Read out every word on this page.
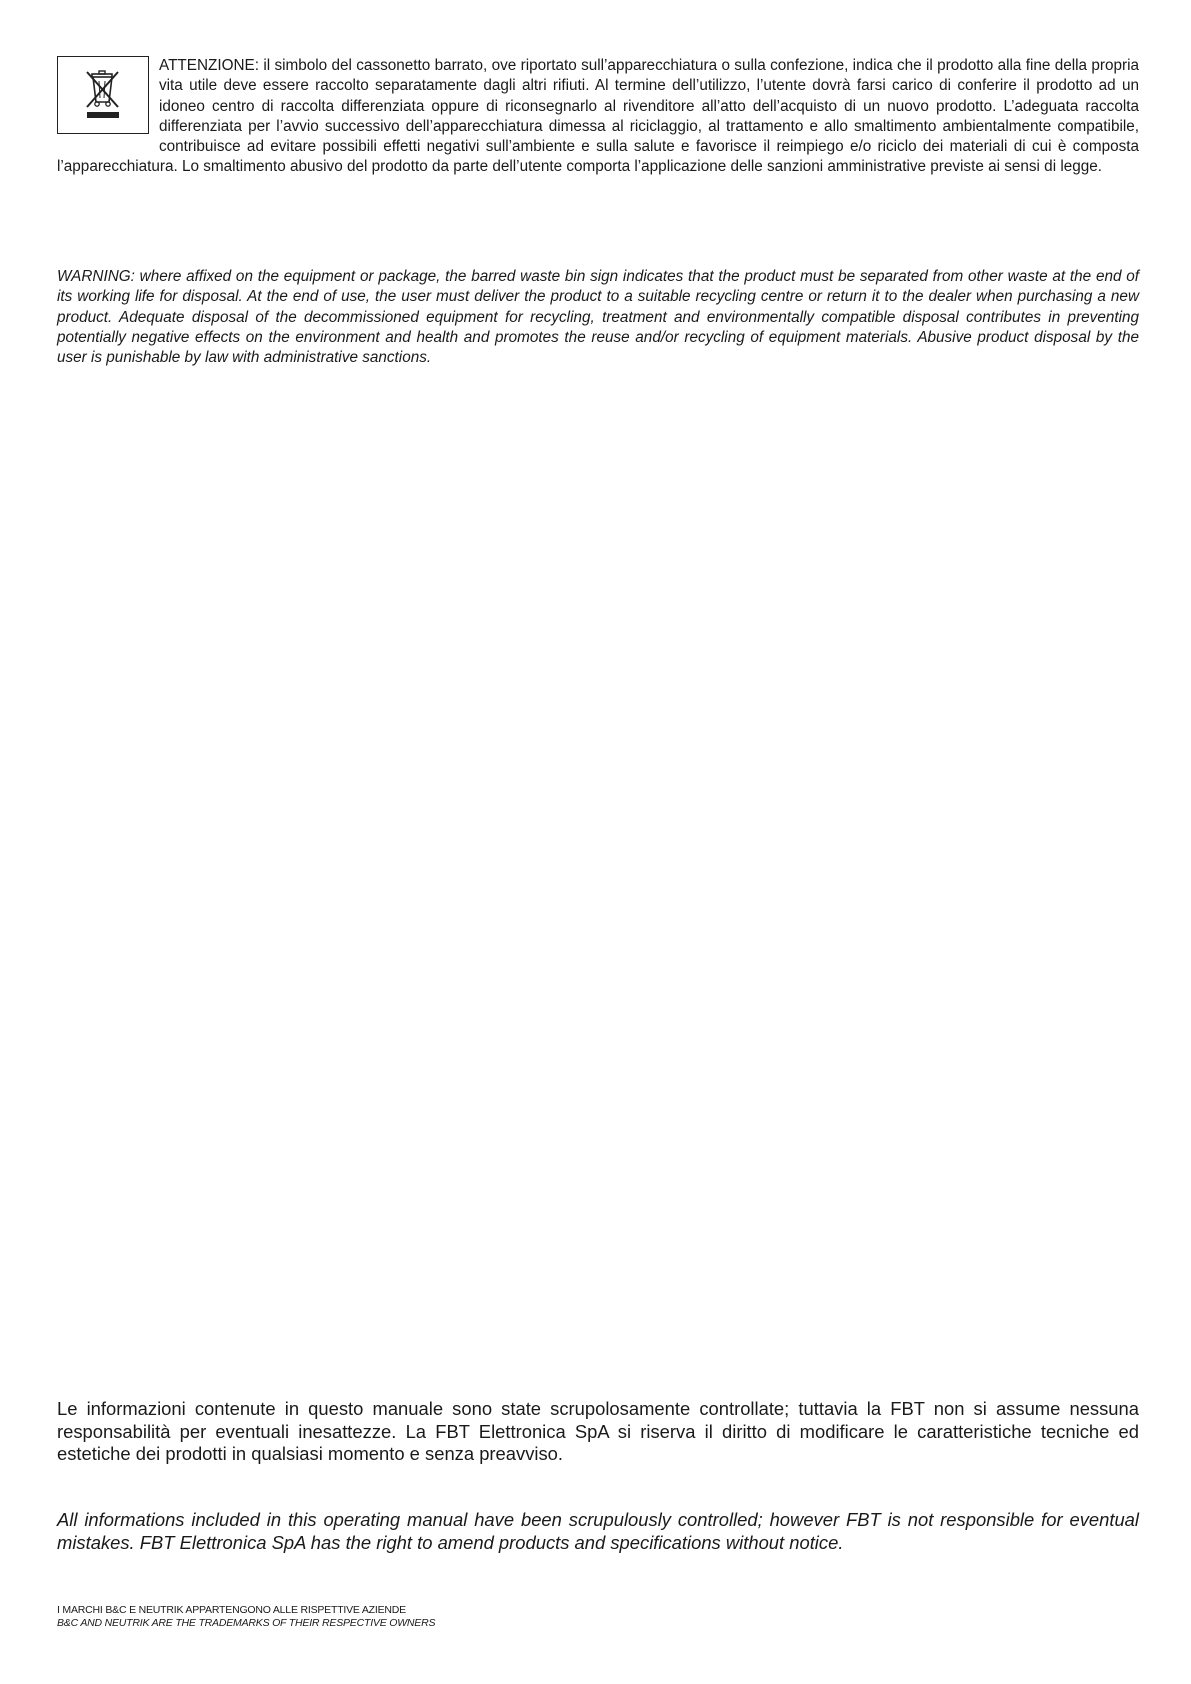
ATTENZIONE: il simbolo del cassonetto barrato, ove riportato sull’apparecchiatura o sulla confezione, indica che il prodotto alla fine della propria vita utile deve essere raccolto separatamente dagli altri rifiuti. Al termine dell’utilizzo, l’utente dovrà farsi carico di conferire il prodotto ad un idoneo centro di raccolta differenziata oppure di riconsegnarlo al rivenditore all’atto dell’acquisto di un nuovo prodotto. L’adeguata raccolta differenziata per l’avvio successivo dell’apparecchiatura dimessa al riciclaggio, al trattamento e allo smaltimento ambientalmente compatibile, contribuisce ad evitare possibili effetti negativi sull’ambiente e sulla salute e favorisce il reimpiego e/o riciclo dei materiali di cui è composta l’apparecchiatura. Lo smaltimento abusivo del prodotto da parte dell’utente comporta l’applicazione delle sanzioni amministrative previste ai sensi di legge.

WARNING: where affixed on the equipment or package, the barred waste bin sign indicates that the product must be separated from other waste at the end of its working life for disposal. At the end of use, the user must deliver the product to a suitable recycling centre or return it to the dealer when purchasing a new product. Adequate disposal of the decommissioned equipment for recycling, treatment and environmentally compatible disposal contributes in preventing potentially negative effects on the environment and health and promotes the reuse and/or recycling of equipment materials. Abusive product disposal by the user is punishable by law with administrative sanctions.

Le informazioni contenute in questo manuale sono state scrupolosamente controllate; tuttavia la FBT non si assume nessuna responsabilità per eventuali inesattezze. La FBT Elettronica SpA si riserva il diritto di modificare le caratteristiche tecniche ed estetiche dei prodotti in qualsiasi momento e senza preavviso.

All informations included in this operating manual have been scrupulously controlled; however FBT is not responsible for eventual mistakes. FBT Elettronica SpA has the right to amend products and specifications without notice.

I MARCHI B&C E NEUTRIK APPARTENGONO ALLE RISPETTIVE AZIENDE
B&C AND NEUTRIK ARE THE TRADEMARKS OF THEIR RESPECTIVE OWNERS
